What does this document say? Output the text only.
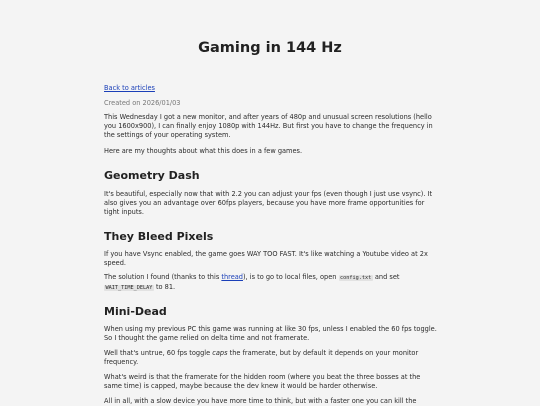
Gaming in 144 Hz

Back to articles

Created on 2026/01/03

This Wednesday I got a new monitor, and after years of 480p and unusual screen resolutions (hello you 1600x900), I can finally enjoy 1080p with 144Hz. But first you have to change the frequency in the settings of your operating system.

Here are my thoughts about what this does in a few games.

Geometry Dash

It's beautiful, especially now that with 2.2 you can adjust your fps (even though I just use vsync). It also gives you an advantage over 60fps players, because you have more frame opportunities for tight inputs.

They Bleed Pixels

If you have Vsync enabled, the game goes WAY TOO FAST. It's like watching a Youtube video at 2x speed.

The solution I found (thanks to this thread), is to go to local files, open config.txt and set
WAIT_TIME_DELAY to 81.

Mini-Dead

When using my previous PC this game was running at like 30 fps, unless I enabled the 60 fps toggle. So I thought the game relied on delta time and not framerate.

Well that's untrue, 60 fps toggle caps the framerate, but by default it depends on your monitor frequency.

What's weird is that the framerate for the hidden room (where you beat the three bosses at the same time) is capped, maybe because the dev knew it would be harder otherwise.

All in all, with a slow device you have more time to think, but with a faster one you can kill the
